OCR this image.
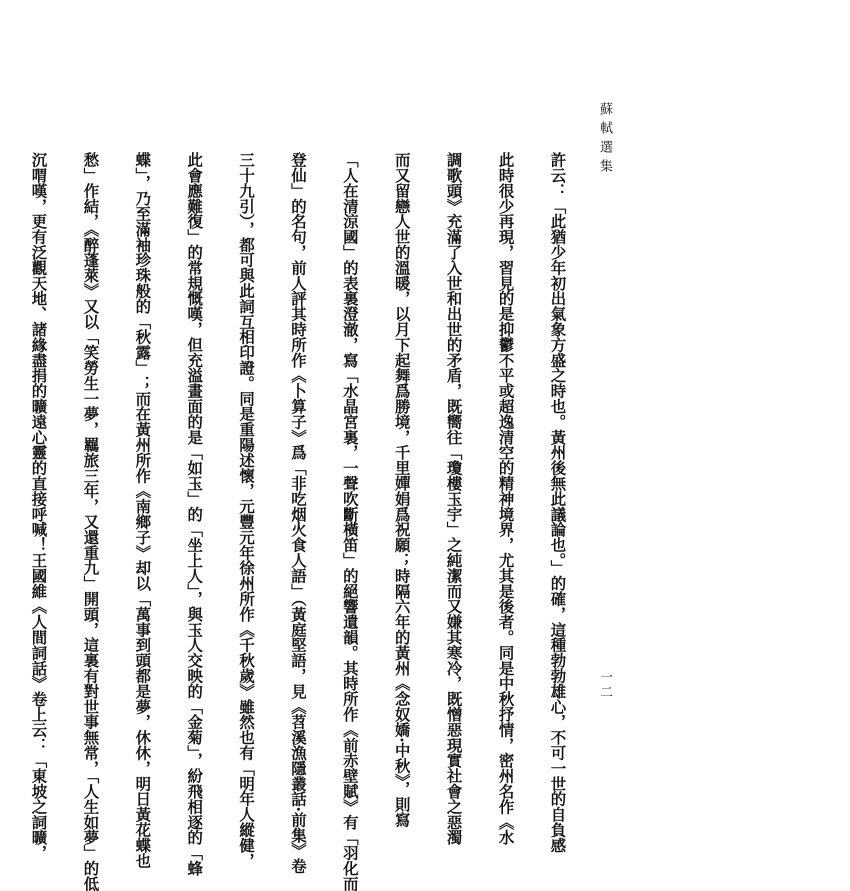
蘇軾選集
一二

許云：「此猶少年初出氣象方盛之時也。黃州後無此議論也。」的確，這種勃勃雄心，不可一世的自負感

此時很少再現，習見的是抑鬱不平或超逸清空的精神境界，尤其是後者。同是中秋抒情，密州名作《水

調歌頭》充滿了入世和出世的矛盾，既嚮往「瓊樓玉宇」之純潔而又嫌其寒冷，既憎惡現實社會之惡濁

而又留戀人世的溫暖，以月下起舞爲勝境，千里嬋娟爲祝願；時隔六年的黃州《念奴嬌·中秋》，則寫

「人在清涼國」的表裏澄澈，寫「水晶宮裏，一聲吹斷橫笛」的絕響遺韻。其時所作《前赤壁賦》有「羽化而

登仙」的名句，前人評其時所作《卜算子》爲「非吃烟火食人語」（黃庭堅語，見《苕溪漁隱叢話·前集》卷

三十九引），都可與此詞互相印證。同是重陽述懷，元豐元年徐州所作《千秋歲》雖然也有「明年人縱健，

此會應難復」的常規慨嘆，但充溢畫面的是「如玉」的「坐上人」，與玉人交映的「金菊」，紛飛相逐的「蜂

蝶」，乃至滿袖珍珠般的「秋露」；而在黃州所作《南鄉子》却以「萬事到頭都是夢，休休，明日黃花蝶也

愁」作結，《醉蓬萊》又以「笑勞生一夢，羈旅三年，又還重九」開頭，這裏有對世事無常，「人生如夢」的低

沉喟嘆，更有泛觀天地、諸緣盡捐的曠遠心靈的直接呼喊！王國維《人間詞話》卷上云：「東坡之詞曠，
